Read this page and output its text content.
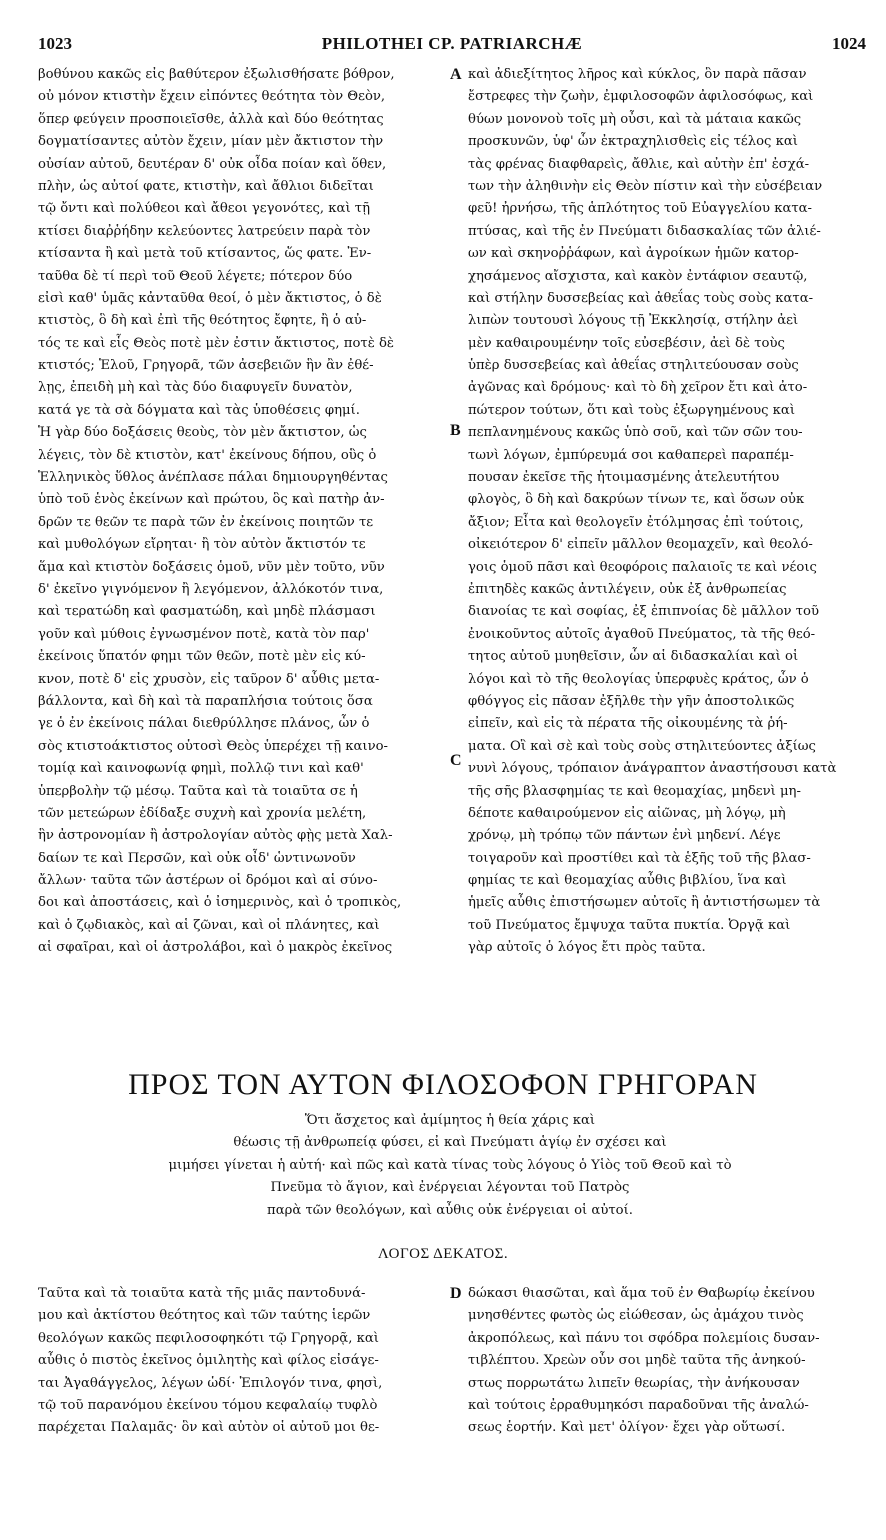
1023	PHILOTHEI CP. PATRIARCHÆ	1024
βοθύνου κακῶς εἰς βαθύτερον ἐξωλισθήσατε βόθρον,
οὐ μόνον κτιστὴν ἔχειν εἰπόντες θεότητα τὸν Θεὸν,
ὅπερ φεύγειν προσποιεῖσθε, ἀλλὰ καὶ δύο θεότητας
δογματίσαντες αὐτὸν ἔχειν, μίαν μὲν ἄκτιστον τὴν
οὐσίαν αὐτοῦ, δευτέραν δ' οὐκ οἶδα ποίαν καὶ ὅθεν,
πλὴν, ὡς αὐτοί φατε, κτιστὴν, καὶ ἄθλιοι διδεῖται
τῷ ὄντι καὶ πολύθεοι καὶ ἄθεοι γεγονότες, καὶ τῇ
κτίσει διαῤῥήδην κελεύοντες λατρεύειν παρὰ τὸν
κτίσαντα ἢ καὶ μετὰ τοῦ κτίσαντος, ὥς φατε. Ἐν-
ταῦθα δὲ τί περὶ τοῦ Θεοῦ λέγετε; πότερον δύο
εἰσὶ καθ' ὑμᾶς κἀνταῦθα θεοί, ὁ μὲν ἄκτιστος, ὁ δὲ
κτιστὸς, ὃ δὴ καὶ ἐπὶ τῆς θεότητος ἔφητε, ἢ ὁ αὐ-
τός τε καὶ εἷς Θεὸς ποτὲ μὲν ἐστιν ἄκτιστος, ποτὲ δὲ
κτιστός; Ἑλοῦ, Γρηγορᾶ, τῶν ἀσεβειῶν ἣν ἂν ἐθέ-
λῃς, ἐπειδὴ μὴ καὶ τὰς δύο διαφυγεῖν δυνατὸν,
κατά γε τὰ σὰ δόγματα καὶ τὰς ὑποθέσεις φημί.
Ἡ γὰρ δύο δοξάσεις θεοὺς, τὸν μὲν ἄκτιστον, ὡς
λέγεις, τὸν δὲ κτιστὸν, κατ' ἐκείνους δήπου, οὓς ὁ
Ἑλληνικὸς ὕθλος ἀνέπλασε πάλαι δημιουργηθέντας
ὑπὸ τοῦ ἑνὸς ἐκείνων καὶ πρώτου, ὃς καὶ πατὴρ ἀν-
δρῶν τε θεῶν τε παρὰ τῶν ἐν ἐκείνοις ποιητῶν τε
καὶ μυθολόγων εἴρηται· ἢ τὸν αὐτὸν ἄκτιστόν τε
ἅμα καὶ κτιστὸν δοξάσεις ὁμοῦ, νῦν μὲν τοῦτο, νῦν
δ' ἐκεῖνο γιγνόμενον ἢ λεγόμενον, ἀλλόκοτόν τινα,
καὶ τερατώδη καὶ φασματώδη, καὶ μηδὲ πλάσμασι
γοῦν καὶ μύθοις ἐγνωσμένον ποτὲ, κατὰ τὸν παρ'
ἐκείνοις ὕπατόν φημι τῶν θεῶν, ποτὲ μὲν εἰς κύ-
κνον, ποτὲ δ' εἰς χρυσὸν, εἰς ταῦρον δ' αὖθις μετα-
βάλλοντα, καὶ δὴ καὶ τὰ παραπλήσια τούτοις ὅσα
γε ὁ ἐν ἐκείνοις πάλαι διεθρύλλησε πλάνος, ὧν ὁ
σὸς κτιστοάκτιστος οὑτοσὶ Θεὸς ὑπερέχει τῇ καινο-
τομίᾳ καὶ καινοφωνίᾳ φημὶ, πολλῷ τινι καὶ καθ'
ὑπερβολὴν τῷ μέσῳ. Ταῦτα καὶ τὰ τοιαῦτα σε ἡ
τῶν μετεώρων ἐδίδαξε συχνὴ καὶ χρονία μελέτη,
ἣν ἀστρονομίαν ἢ ἀστρολογίαν αὐτὸς φῂς μετὰ Χαλ-
δαίων τε καὶ Περσῶν, καὶ οὐκ οἶδ' ὡντινωνοῦν
ἄλλων· ταῦτα τῶν ἀστέρων οἱ δρόμοι καὶ αἱ σύνο-
δοι καὶ ἀποστάσεις, καὶ ὁ ἰσημερινὸς, καὶ ὁ τροπικὸς,
καὶ ὁ ζῳδιακὸς, καὶ αἱ ζῶναι, καὶ οἱ πλάνητες, καὶ
αἱ σφαῖραι, καὶ οἱ ἀστρολάβοι, καὶ ὁ μακρὸς ἐκεῖνος
καὶ ἀδιεξίτητος λῆρος καὶ κύκλος, ὃν παρὰ πᾶσαν
ἔστρεφες τὴν ζωὴν, ἐμφιλοσοφῶν ἀφιλοσόφως, καὶ
θύων μονονοὺ τοῖς μὴ οὖσι, καὶ τὰ μάταια κακῶς
προσκυνῶν, ὑφ' ὧν ἐκτραχηλισθεὶς εἰς τέλος καὶ
τὰς φρένας διαφθαρεὶς, ἄθλιε, καὶ αὐτὴν ἐπ' ἐσχά-
των τὴν ἀληθινὴν εἰς Θεὸν πίστιν καὶ τὴν εὐσέβειαν
φεῦ! ἠρνήσω, τῆς ἁπλότητος τοῦ Εὐαγγελίου κατα-
πτύσας, καὶ τῆς ἐν Πνεύματι διδασκαλίας τῶν ἁλιέ-
ων καὶ σκηνοῤῥάφων, καὶ ἀγροίκων ἡμῶν κατορ-
χησάμενος αἴσχιστα, καὶ κακὸν ἐντάφιον σεαυτῷ,
καὶ στήλην δυσσεβείας καὶ ἀθεΐας τοὺς σοὺς κατα-
λιπὼν τουτουσὶ λόγους τῇ Ἐκκλησίᾳ, στήλην ἀεὶ
μὲν καθαιρουμένην τοῖς εὐσεβέσιν, ἀεὶ δὲ τοὺς
ὑπὲρ δυσσεβείας καὶ ἀθεΐας στηλιτεύουσαν σοὺς
ἀγῶνας καὶ δρόμους· καὶ τὸ δὴ χεῖρον ἔτι καὶ ἀτο-
πώτερον τούτων, ὅτι καὶ τοὺς ἐξωργημένους καὶ
πεπλανημένους κακῶς ὑπὸ σοῦ, καὶ τῶν σῶν του-
τωνὶ λόγων, ἐμπύρευμά σοι καθαπερεὶ παραπέμ-
πουσαν ἐκεῖσε τῆς ἡτοιμασμένης ἀτελευτήτου
φλογὸς, ὃ δὴ καὶ δακρύων τίνων τε, καὶ ὅσων οὐκ
ἄξιον; Εἶτα καὶ θεολογεῖν ἐτόλμησας ἐπὶ τούτοις,
οἰκειότερον δ' εἰπεῖν μᾶλλον θεομαχεῖν, καὶ θεολό-
γοις ὁμοῦ πᾶσι καὶ θεοφόροις παλαιοῖς τε καὶ νέοις
ἐπιτηδὲς κακῶς ἀντιλέγειν, οὐκ ἐξ ἀνθρωπείας
διανοίας τε καὶ σοφίας, ἐξ ἐπιπνοίας δὲ μᾶλλον τοῦ
ἐνοικοῦντος αὐτοῖς ἀγαθοῦ Πνεύματος, τὰ τῆς θεό-
τητος αὐτοῦ μυηθεῖσιν, ὧν αἱ διδασκαλίαι καὶ οἱ
λόγοι καὶ τὸ τῆς θεολογίας ὑπερφυὲς κράτος, ὧν ὁ
φθόγγος εἰς πᾶσαν ἐξῆλθε τὴν γῆν ἀποστολικῶς
εἰπεῖν, καὶ εἰς τὰ πέρατα τῆς οἰκουμένης τὰ ῥή-
ματα. Οἳ καὶ σὲ καὶ τοὺς σοὺς στηλιτεύοντες ἀξίως
νυνὶ λόγους, τρόπαιον ἀνάγραπτον ἀναστήσουσι κατὰ
τῆς σῆς βλασφημίας τε καὶ θεομαχίας, μηδενὶ μη-
δέποτε καθαιρούμενον εἰς αἰῶνας, μὴ λόγῳ, μὴ
χρόνῳ, μὴ τρόπῳ τῶν πάντων ἐνὶ μηδενί. Λέγε
τοιγαροῦν καὶ προστίθει καὶ τὰ ἑξῆς τοῦ τῆς βλασ-
φημίας τε καὶ θεομαχίας αὖθις βιβλίου, ἵνα καὶ
ἡμεῖς αὖθις ἐπιστήσωμεν αὐτοῖς ἢ ἀντιστήσωμεν τὰ
τοῦ Πνεύματος ἔμψυχα ταῦτα πυκτία. Ὀργᾷ καὶ
γὰρ αὐτοῖς ὁ λόγος ἔτι πρὸς ταῦτα.
A
B
C
ΠΡΟΣ ΤΟΝ ΑΥΤΟΝ ΦΙΛΟΣΟΦΟΝ ΓΡΗΓΟΡΑΝ
Ὅτι ἄσχετος καὶ ἀμίμητος ἡ θεία χάρις καὶ
θέωσις τῇ ἀνθρωπείᾳ φύσει, εἰ καὶ Πνεύματι ἁγίῳ ἐν σχέσει καὶ
μιμήσει γίνεται ἡ αὐτή· καὶ πῶς καὶ κατὰ τίνας τοὺς λόγους ὁ Υἱὸς τοῦ Θεοῦ καὶ τὸ
Πνεῦμα τὸ ἅγιον, καὶ ἐνέργειαι λέγονται τοῦ Πατρὸς
παρὰ τῶν θεολόγων, καὶ αὖθις οὐκ ἐνέργειαι οἱ αὐτοί.
ΛΟΓΟΣ ΔΕΚΑΤΟΣ.
Ταῦτα καὶ τὰ τοιαῦτα κατὰ τῆς μιᾶς παντοδυνά-
μου καὶ ἀκτίστου θεότητος καὶ τῶν ταύτης ἱερῶν
θεολόγων κακῶς πεφιλοσοφηκότι τῷ Γρηγορᾷ, καὶ
αὖθις ὁ πιστὸς ἐκεῖνος ὁμιλητὴς καὶ φίλος εἰσάγε-
ται Ἀγαθάγγελος, λέγων ὡδί· Ἐπιλογόν τινα, φησὶ,
τῷ τοῦ παρανόμου ἐκείνου τόμου κεφαλαίῳ τυφλὸ
παρέχεται Παλαμᾶς· ὃν καὶ αὐτὸν οἱ αὐτοῦ μοι θε-
δώκασι θιασῶται, καὶ ἅμα τοῦ ἐν Θαβωρίῳ ἐκείνου
μνησθέντες φωτὸς ὡς εἰώθεσαν, ὡς ἀμάχου τινὸς
ἀκροπόλεως, καὶ πάνυ τοι σφόδρα πολεμίοις δυσαν-
τιβλέπτου. Χρεὼν οὖν σοι μηδὲ ταῦτα τῆς ἀνηκού-
στως πορρωτάτω λιπεῖν θεωρίας, τὴν ἀνήκουσαν
καὶ τούτοις ἐρραθυμηκόσι παραδοῦναι τῆς ἀναλώ-
σεως ἑορτήν. Καὶ μετ' ὀλίγον· ἔχει γὰρ οὕτωσί.
D
